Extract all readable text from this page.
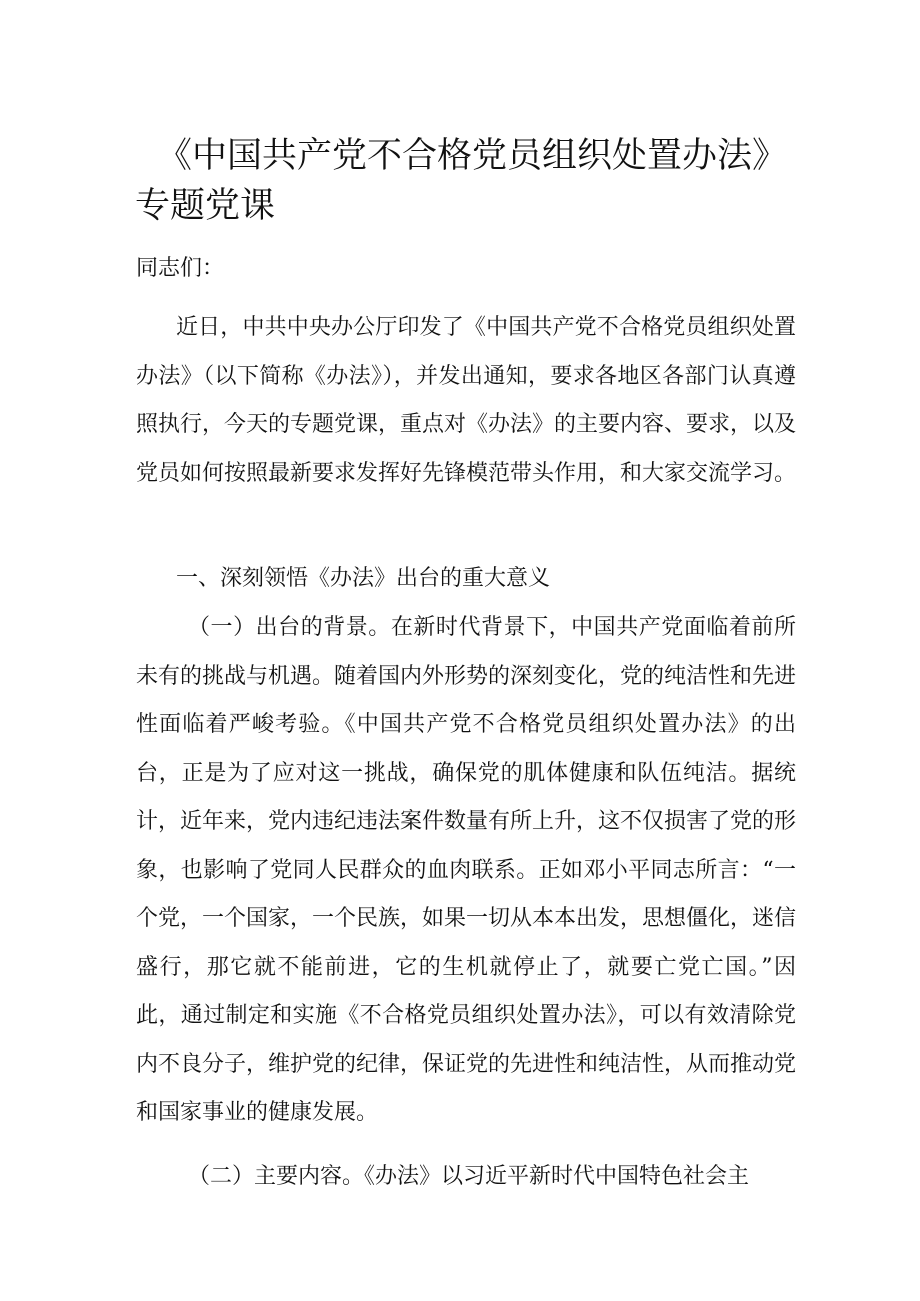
《中国共产党不合格党员组织处置办法》专题党课

同志们：

近日，中共中央办公厅印发了《中国共产党不合格党员组织处置办法》（以下简称《办法》），并发出通知，要求各地区各部门认真遵照执行，今天的专题党课，重点对《办法》的主要内容、要求，以及党员如何按照最新要求发挥好先锋模范带头作用，和大家交流学习。

一、深刻领悟《办法》出台的重大意义

（一）出台的背景。在新时代背景下，中国共产党面临着前所未有的挑战与机遇。随着国内外形势的深刻变化，党的纯洁性和先进性面临着严峻考验。《中国共产党不合格党员组织处置办法》的出台，正是为了应对这一挑战，确保党的肌体健康和队伍纯洁。据统计，近年来，党内违纪违法案件数量有所上升，这不仅损害了党的形象，也影响了党同人民群众的血肉联系。正如邓小平同志所言：“一个党，一个国家，一个民族，如果一切从本本出发，思想僵化，迷信盛行，那它就不能前进，它的生机就停止了，就要亡党亡国。”因此，通过制定和实施《不合格党员组织处置办法》，可以有效清除党内不良分子，维护党的纪律，保证党的先进性和纯洁性，从而推动党和国家事业的健康发展。

（二）主要内容。《办法》以习近平新时代中国特色社会主
